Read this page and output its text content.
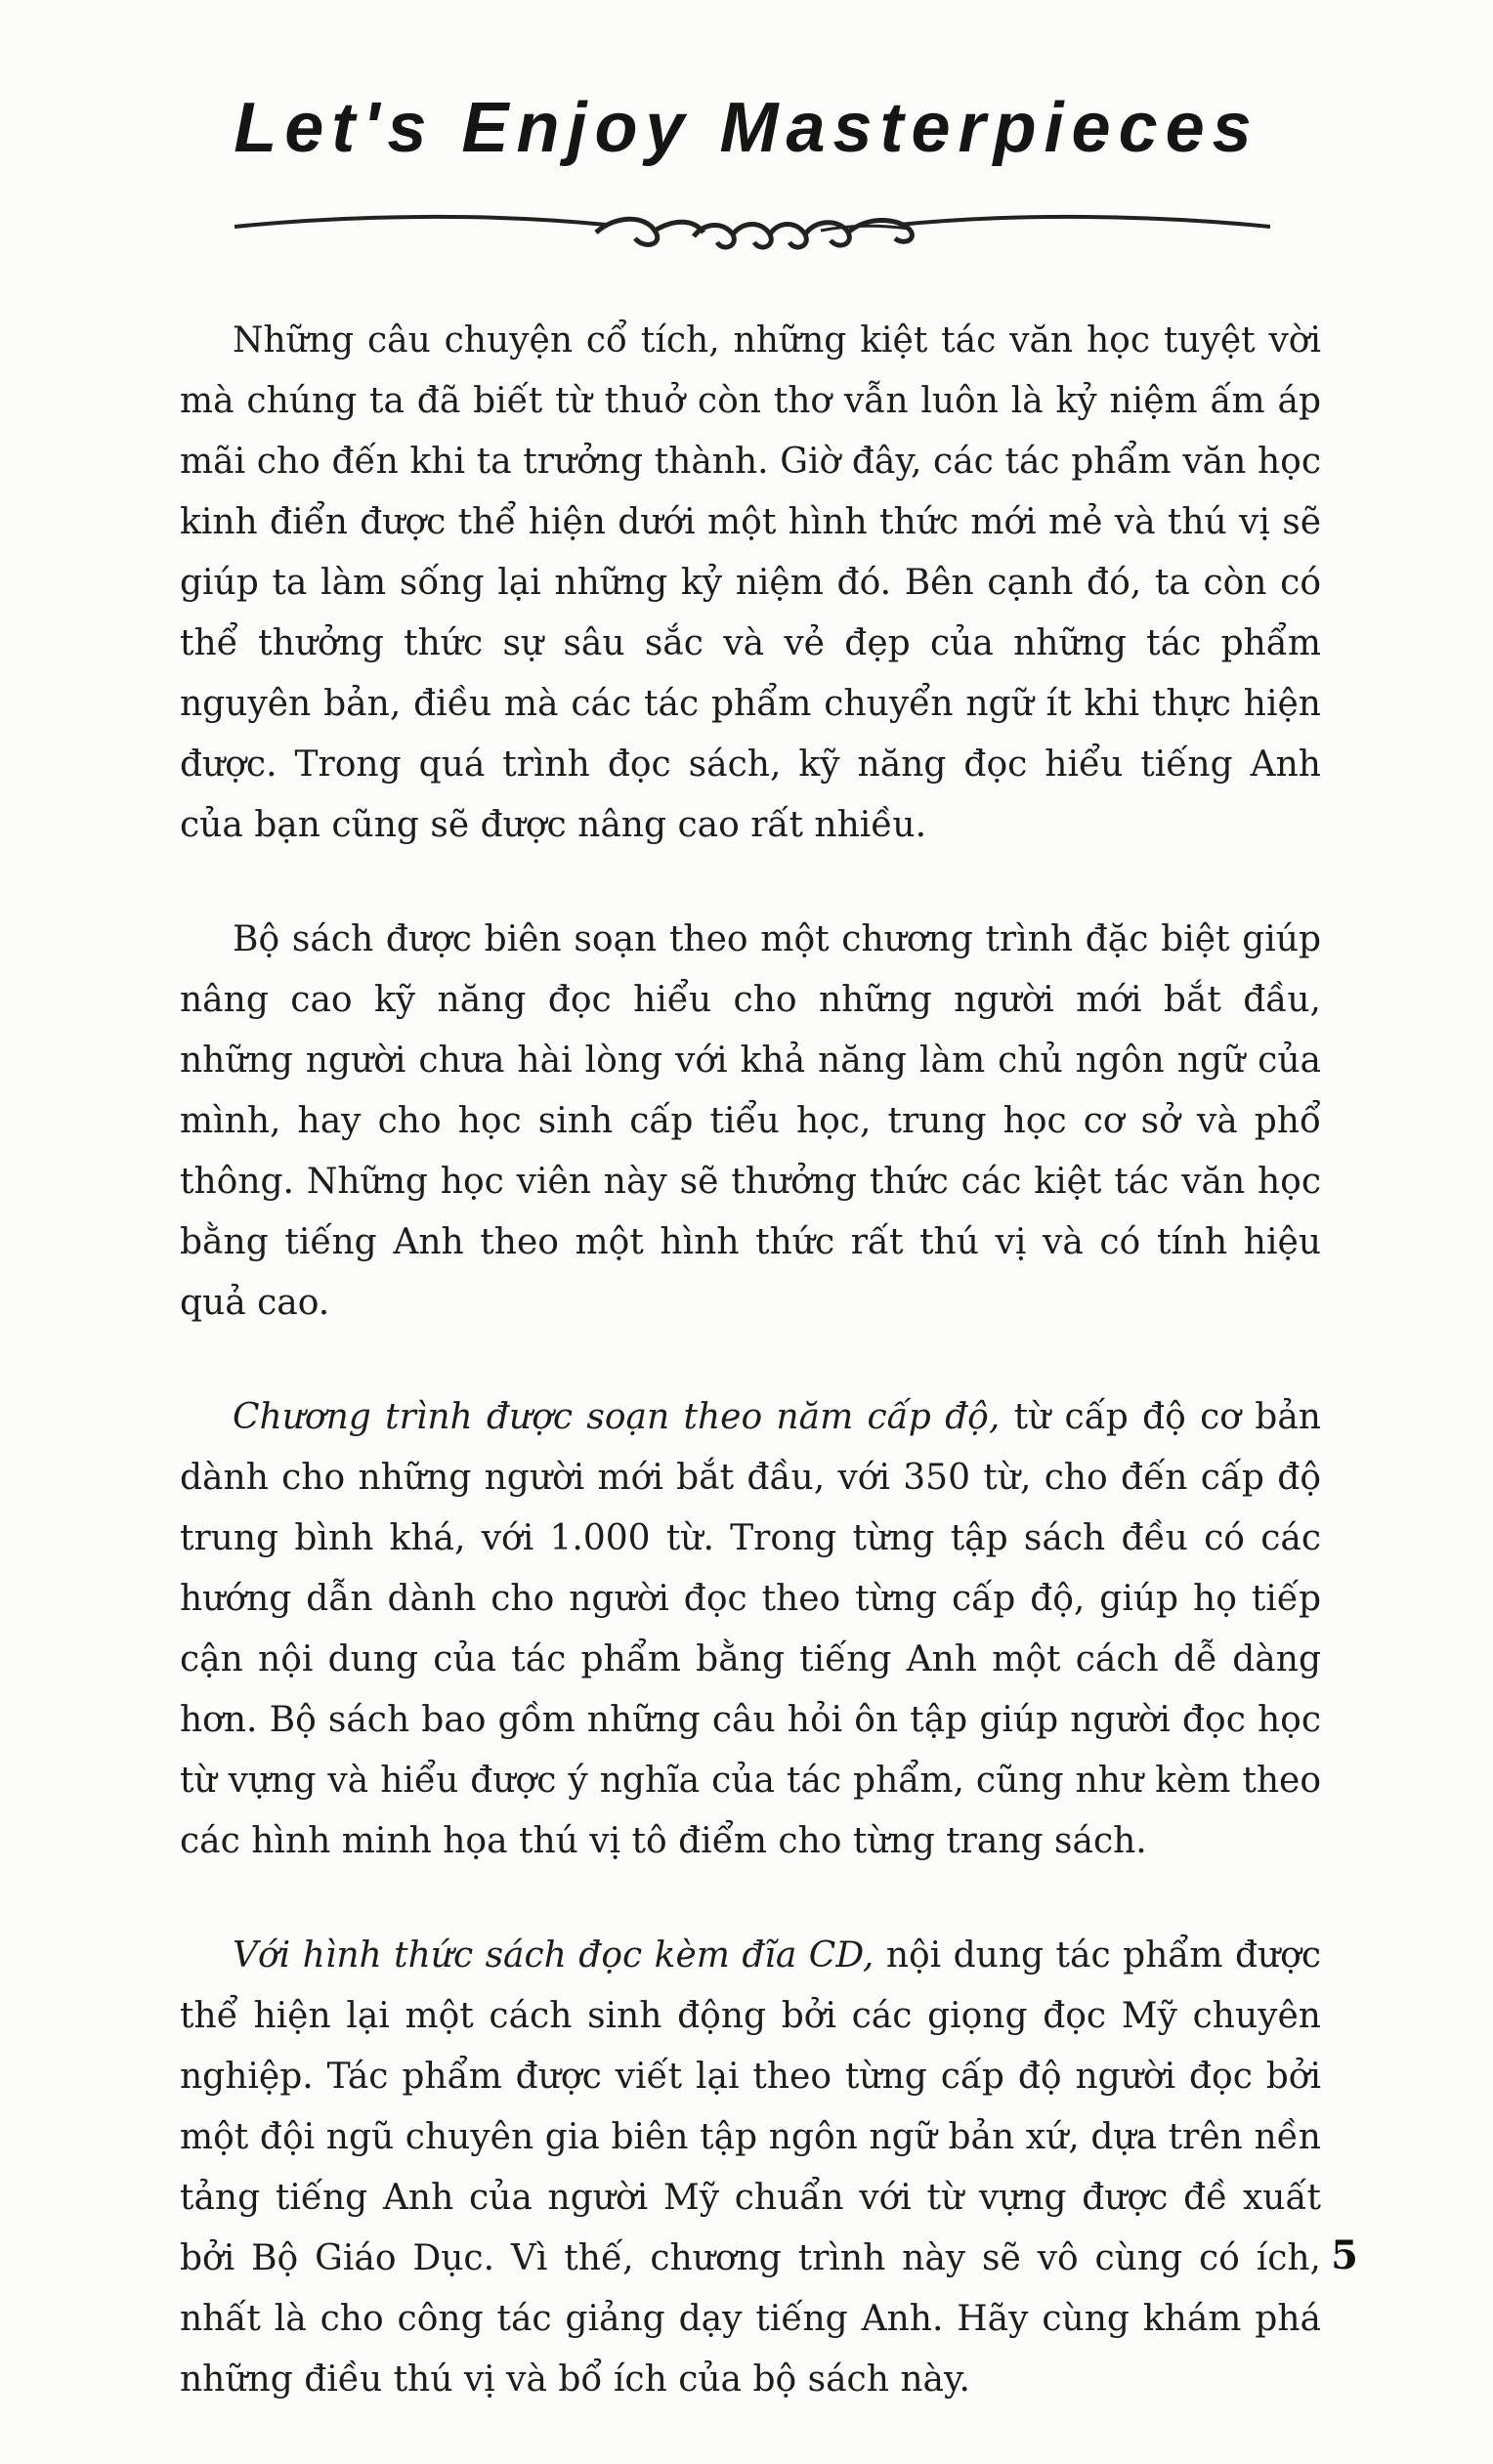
Let's Enjoy Masterpieces

Những câu chuyện cổ tích, những kiệt tác văn học tuyệt vời mà chúng ta đã biết từ thuở còn thơ vẫn luôn là kỷ niệm ấm áp mãi cho đến khi ta trưởng thành. Giờ đây, các tác phẩm văn học kinh điển được thể hiện dưới một hình thức mới mẻ và thú vị sẽ giúp ta làm sống lại những kỷ niệm đó. Bên cạnh đó, ta còn có thể thưởng thức sự sâu sắc và vẻ đẹp của những tác phẩm nguyên bản, điều mà các tác phẩm chuyển ngữ ít khi thực hiện được. Trong quá trình đọc sách, kỹ năng đọc hiểu tiếng Anh của bạn cũng sẽ được nâng cao rất nhiều.

Bộ sách được biên soạn theo một chương trình đặc biệt giúp nâng cao kỹ năng đọc hiểu cho những người mới bắt đầu, những người chưa hài lòng với khả năng làm chủ ngôn ngữ của mình, hay cho học sinh cấp tiểu học, trung học cơ sở và phổ thông. Những học viên này sẽ thưởng thức các kiệt tác văn học bằng tiếng Anh theo một hình thức rất thú vị và có tính hiệu quả cao.

Chương trình được soạn theo năm cấp độ, từ cấp độ cơ bản dành cho những người mới bắt đầu, với 350 từ, cho đến cấp độ trung bình khá, với 1.000 từ. Trong từng tập sách đều có các hướng dẫn dành cho người đọc theo từng cấp độ, giúp họ tiếp cận nội dung của tác phẩm bằng tiếng Anh một cách dễ dàng hơn. Bộ sách bao gồm những câu hỏi ôn tập giúp người đọc học từ vựng và hiểu được ý nghĩa của tác phẩm, cũng như kèm theo các hình minh họa thú vị tô điểm cho từng trang sách.

Với hình thức sách đọc kèm đĩa CD, nội dung tác phẩm được thể hiện lại một cách sinh động bởi các giọng đọc Mỹ chuyên nghiệp. Tác phẩm được viết lại theo từng cấp độ người đọc bởi một đội ngũ chuyên gia biên tập ngôn ngữ bản xứ, dựa trên nền tảng tiếng Anh của người Mỹ chuẩn với từ vựng được đề xuất bởi Bộ Giáo Dục. Vì thế, chương trình này sẽ vô cùng có ích, nhất là cho công tác giảng dạy tiếng Anh. Hãy cùng khám phá những điều thú vị và bổ ích của bộ sách này.

5
